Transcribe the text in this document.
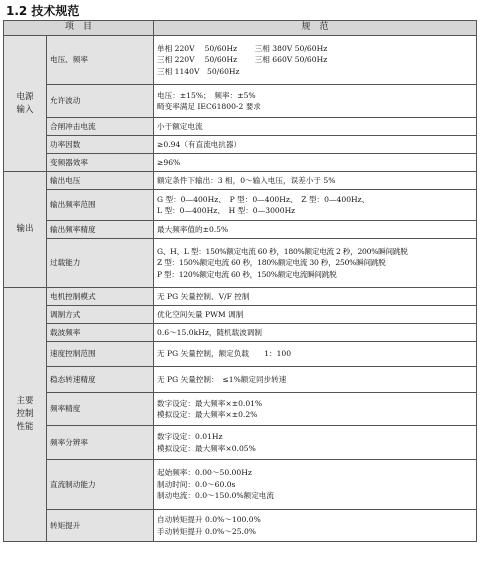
1.2 技术规范
项　目		规　范

电源
输入	电压、频率	单相 220V　 50/60Hz　　 三相 380V 50/60Hz
三相 220V　 50/60Hz　　 三相 660V 50/60Hz
三相 1140V　50/60Hz

	允许波动	电压：±15%；　频率：±5%
畸变率满足 IEC61800-2 要求

	合闸冲击电流	小于额定电流

	功率因数	≥0.94（有直流电抗器）

	变频器效率	≥96%

输出	输出电压	额定条件下输出：3 相，0～输入电压，误差小于 5%

	输出频率范围	G 型：0—400Hz、　P 型：0—400Hz、　Z 型：0—400Hz、
L 型：0—400Hz、　H 型：0—3000Hz

	输出频率精度	最大频率值的±0.5%

	过载能力	G、H、L 型：150%额定电流 60 秒，180%额定电流 2 秒，200%瞬间跳脱
Z 型：150%额定电流 60 秒，180%额定电流 30 秒，250%瞬间跳脱
P 型：120%额定电流 60 秒，150%额定电流瞬间跳脱

主要
控制
性能	电机控制模式	无 PG 矢量控制、V/F 控制

	调制方式	优化空间矢量 PWM 调制

	载波频率	0.6～15.0kHz，随机载波调制

	速度控制范围	无 PG 矢量控制，额定负载　　1：100

	稳态转速精度	无 PG 矢量控制：　≤1%额定同步转速

	频率精度	数字设定：最大频率×±0.01%
模拟设定：最大频率×±0.2%

	频率分辨率	数字设定：0.01Hz
模拟设定：最大频率×0.05%

	直流制动能力	起始频率：0.00～50.00Hz
制动时间：0.0～60.0s
制动电流：0.0～150.0%额定电流

	转矩提升	自动转矩提升 0.0%～100.0%
手动转矩提升 0.0%～25.0%
